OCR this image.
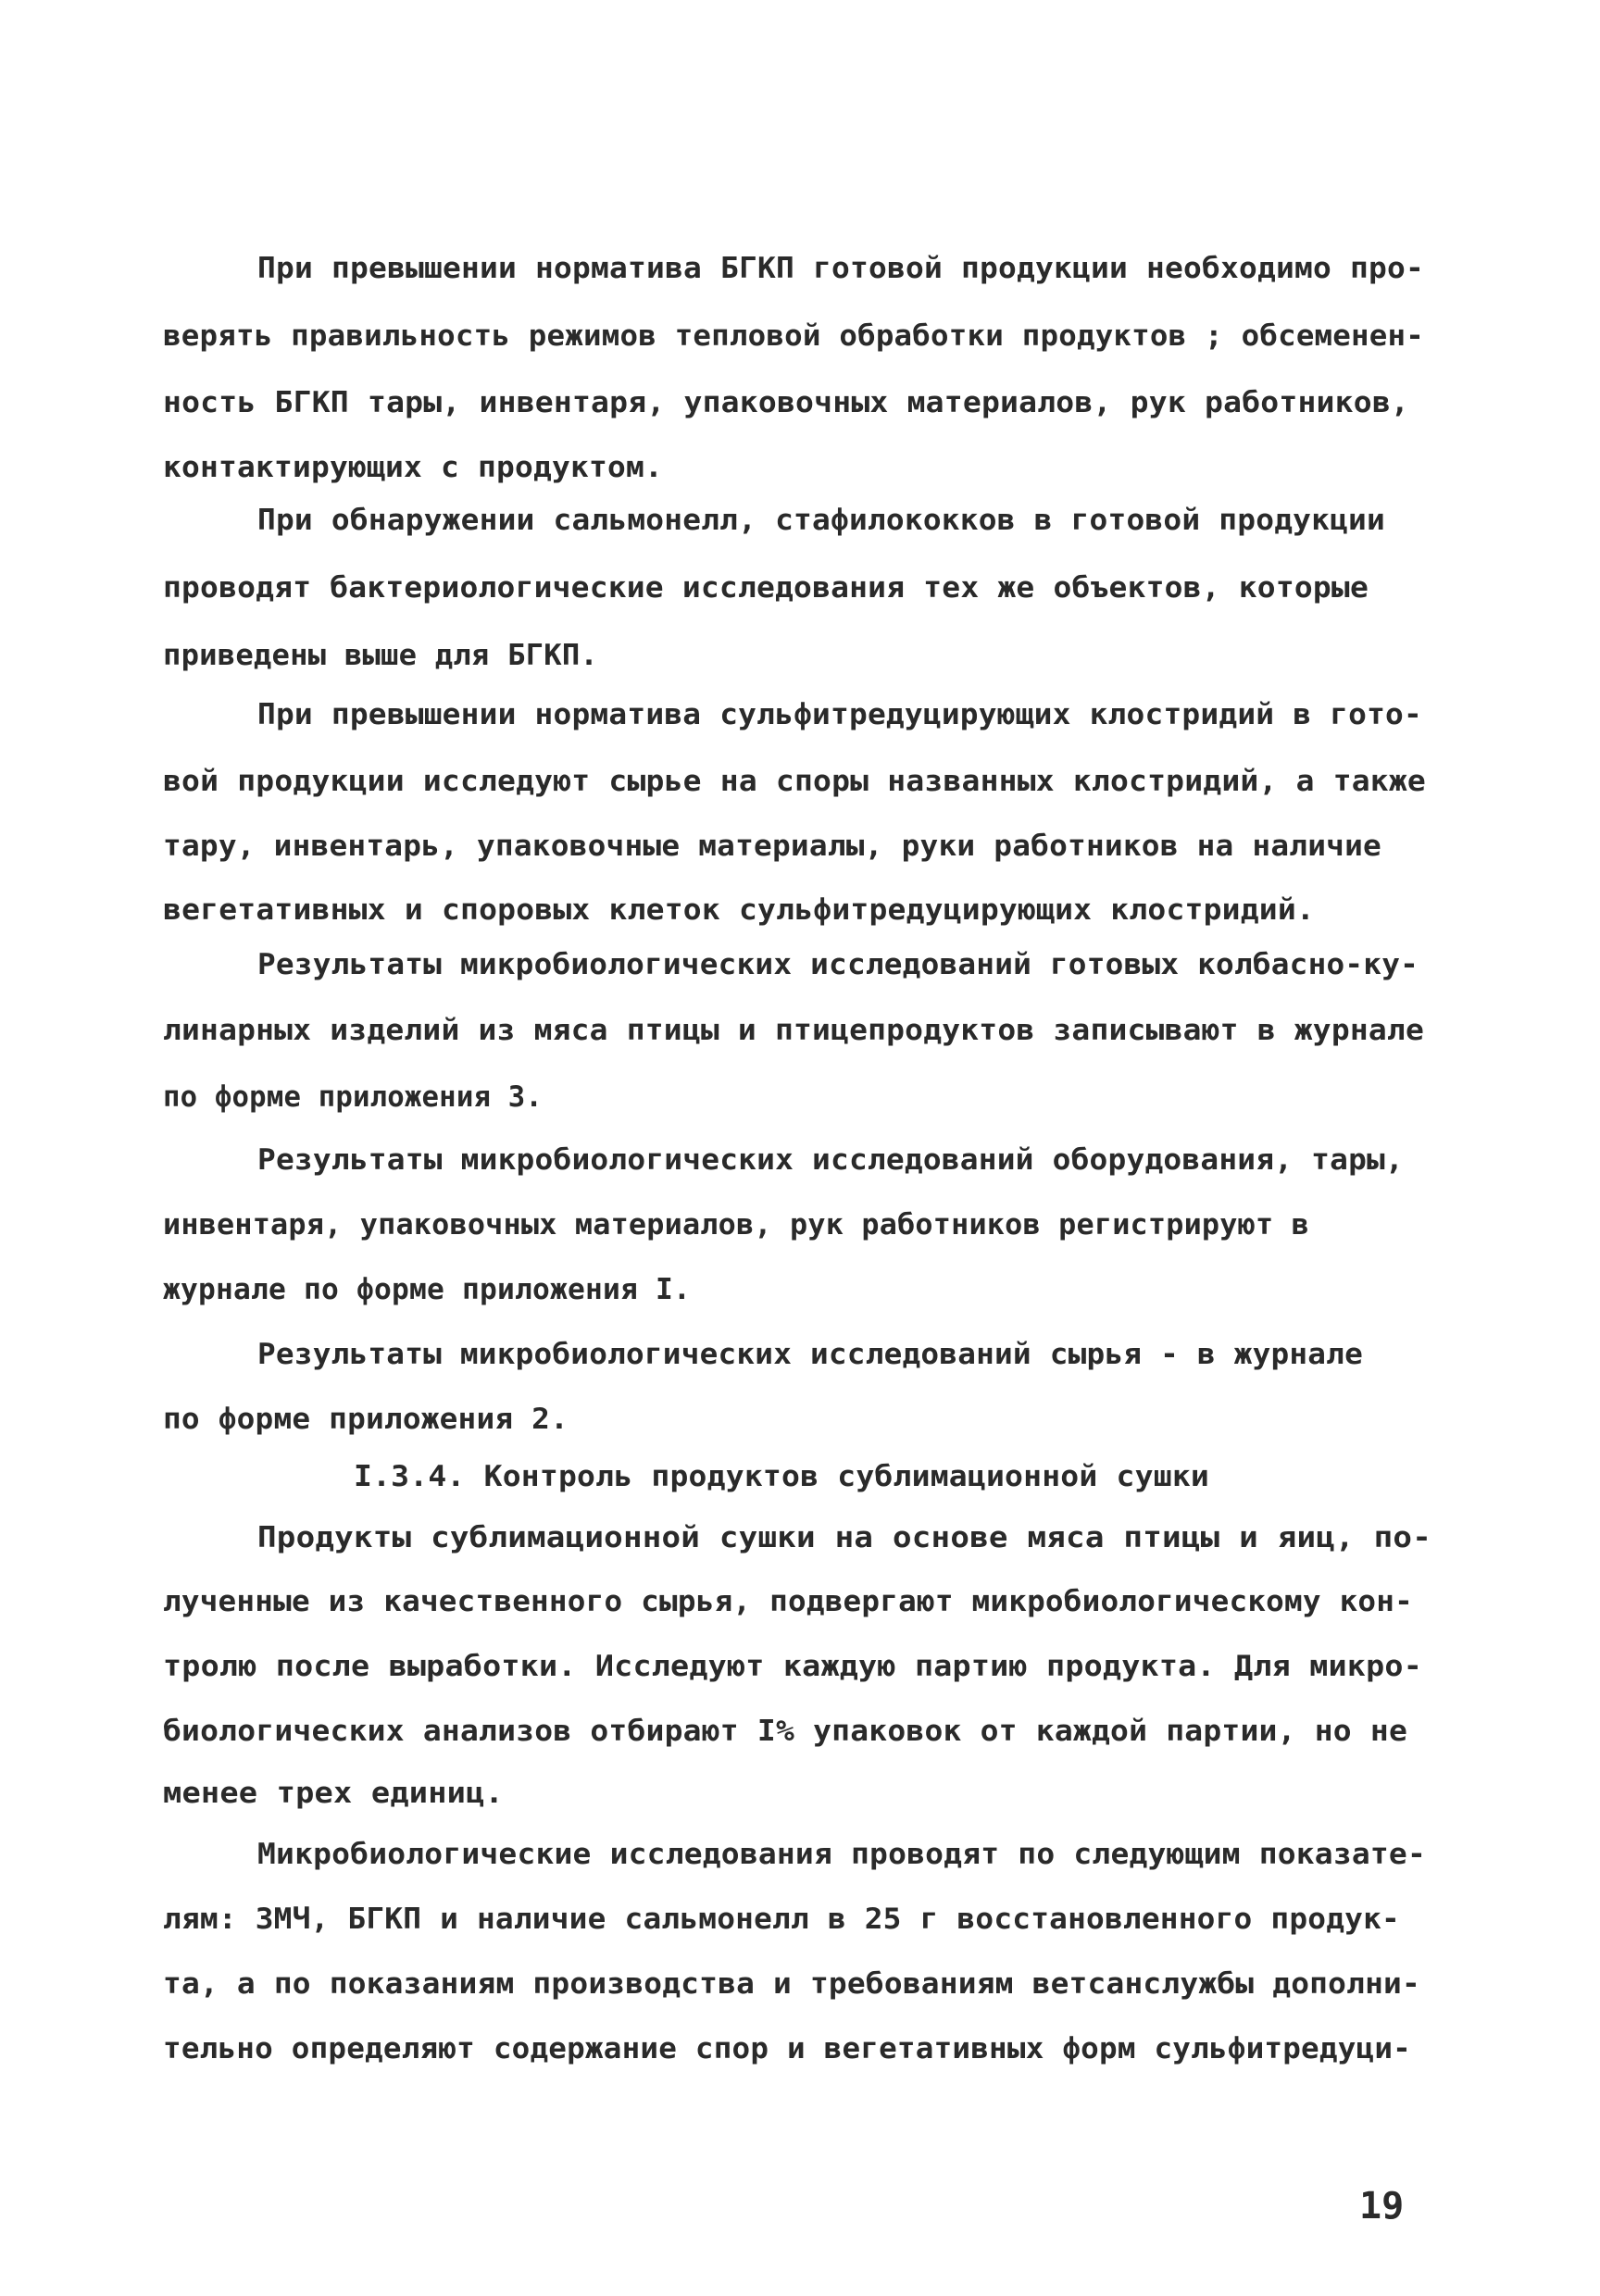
При превышении норматива БГКП готовой продукции необходимо про-
верять правильность режимов тепловой обработки продуктов ; обсеменен-
ность БГКП тары, инвентаря, упаковочных материалов, рук работников,
контактирующих с продуктом.
При обнаружении сальмонелл, стафилококков в готовой продукции
проводят бактериологические исследования тех же объектов, которые
приведены выше для БГКП.
При превышении норматива сульфитредуцирующих клостридий в гото-
вой продукции исследуют сырье на споры названных клостридий, а также
тару, инвентарь, упаковочные материалы, руки работников на наличие
вегетативных и споровых клеток сульфитредуцирующих клостридий.
Результаты микробиологических исследований готовых колбасно-ку-
линарных изделий из мяса птицы и птицепродуктов записывают в журнале
по форме приложения 3.
Результаты микробиологических исследований оборудования, тары,
инвентаря, упаковочных материалов, рук работников регистрируют в
журнале по форме приложения I.
Результаты микробиологических исследований сырья - в журнале
по форме приложения 2.
I.3.4. Контроль продуктов сублимационной сушки
Продукты сублимационной сушки на основе мяса птицы и яиц, по-
лученные из качественного сырья, подвергают микробиологическому кон-
тролю после выработки. Исследуют каждую партию продукта. Для микро-
биологических анализов отбирают I% упаковок от каждой партии, но не
менее трех единиц.
Микробиологические исследования проводят по следующим показате-
лям: ЗМЧ, БГКП и наличие сальмонелл в 25 г восстановленного продук-
та, а по показаниям производства и требованиям ветсанслужбы дополни-
тельно определяют содержание спор и вегетативных форм сульфитредуци-
19
